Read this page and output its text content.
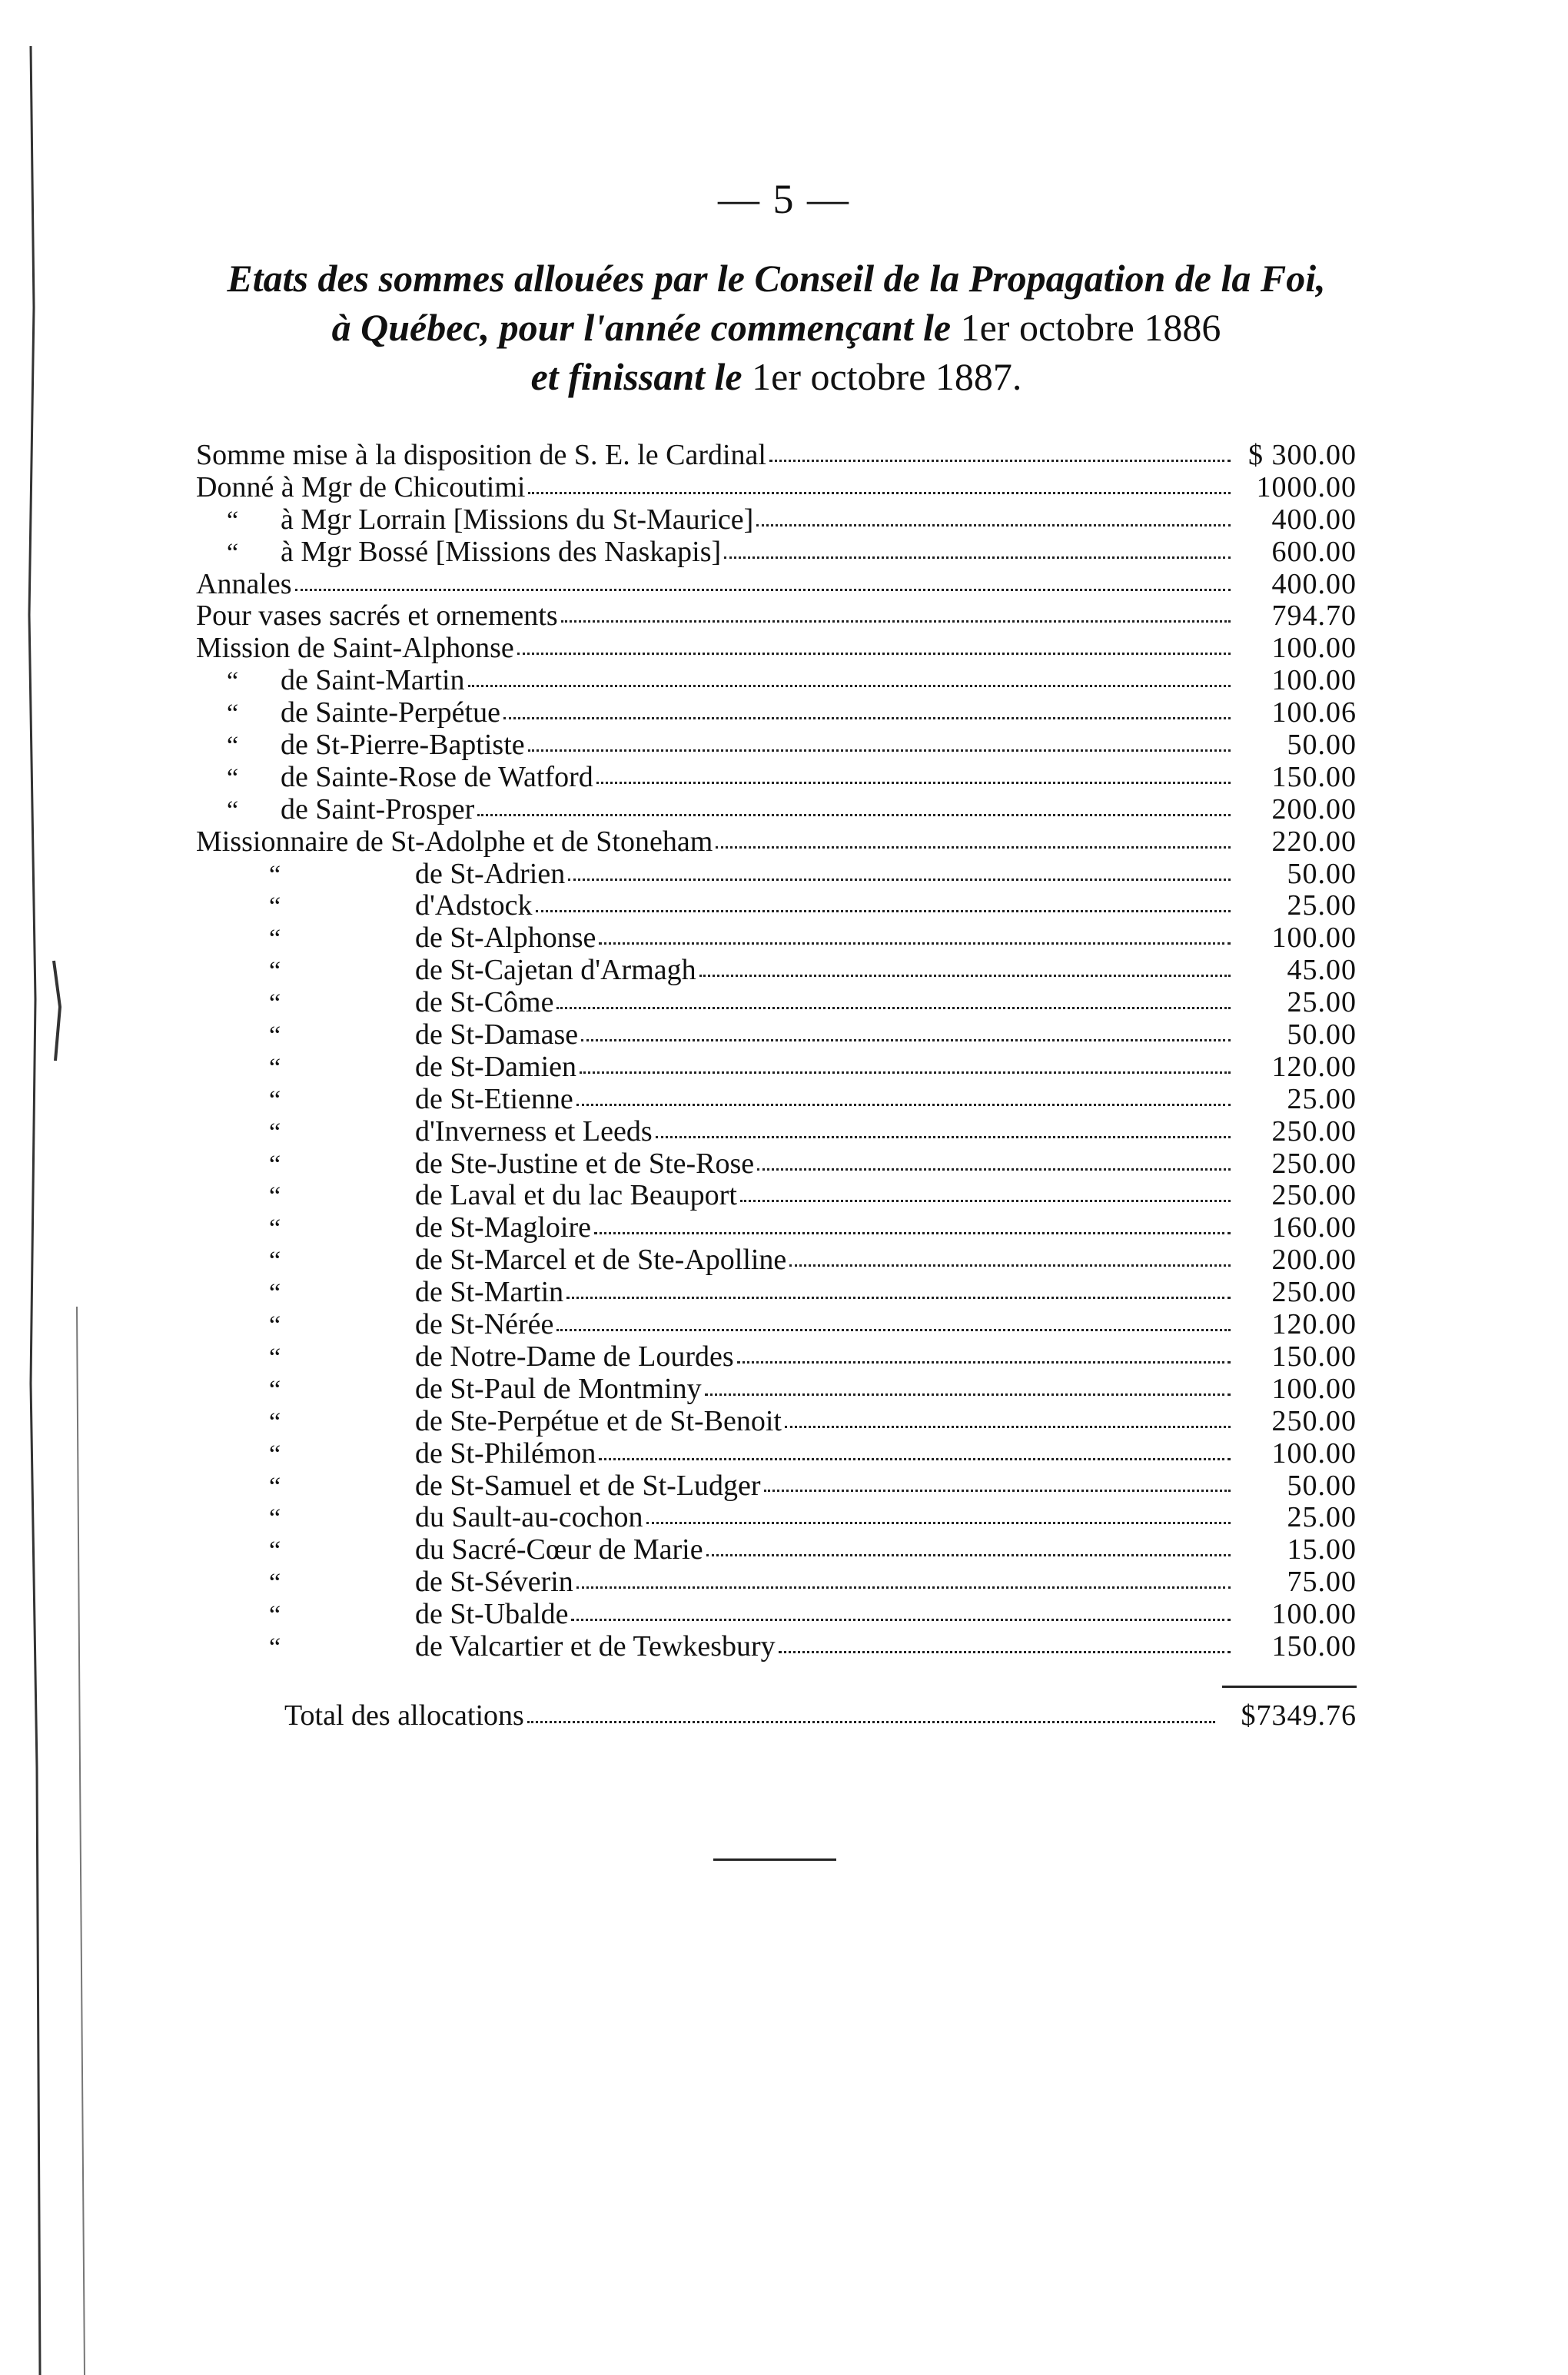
— 5 —
Etats des sommes allouées par le Conseil de la Propagation de la Foi,
à Québec, pour l'année commençant le 1er octobre 1886
et finissant le 1er octobre 1887.
Somme mise à la disposition de S. E. le Cardinal	$ 300.00
Donné à Mgr de Chicoutimi	1000.00
“	à Mgr Lorrain [Missions du St-Maurice]	400.00
“	à Mgr Bossé [Missions des Naskapis]	600.00
Annales	400.00
Pour vases sacrés et ornements	794.70
Mission de Saint-Alphonse	100.00
“	de Saint-Martin	100.00
“	de Sainte-Perpétue	100.06
“	de St-Pierre-Baptiste	50.00
“	de Sainte-Rose de Watford	150.00
“	de Saint-Prosper	200.00
Missionnaire de St-Adolphe et de Stoneham	220.00
“	de St-Adrien	50.00
“	d'Adstock	25.00
“	de St-Alphonse	100.00
“	de St-Cajetan d'Armagh	45.00
“	de St-Côme	25.00
“	de St-Damase	50.00
“	de St-Damien	120.00
“	de St-Etienne	25.00
“	d'Inverness et Leeds	250.00
“	de Ste-Justine et de Ste-Rose	250.00
“	de Laval et du lac Beauport	250.00
“	de St-Magloire	160.00
“	de St-Marcel et de Ste-Apolline	200.00
“	de St-Martin	250.00
“	de St-Nérée	120.00
“	de Notre-Dame de Lourdes	150.00
“	de St-Paul de Montminy	100.00
“	de Ste-Perpétue et de St-Benoit	250.00
“	de St-Philémon	100.00
“	de St-Samuel et de St-Ludger	50.00
“	du Sault-au-cochon	25.00
“	du Sacré-Cœur de Marie	15.00
“	de St-Séverin	75.00
“	de St-Ubalde	100.00
“	de Valcartier et de Tewkesbury	150.00
Total des allocations	$7349.76
